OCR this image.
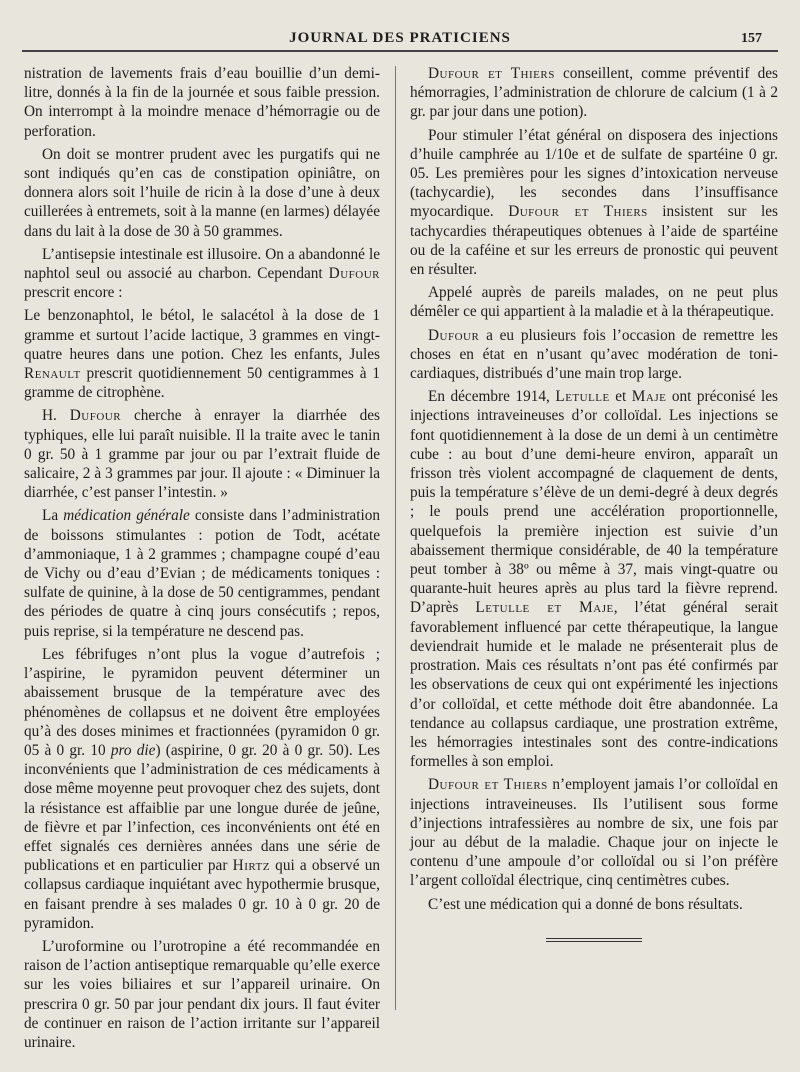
JOURNAL DES PRATICIENS	157

nistration de lavements frais d’eau bouillie d’un demi-litre, donnés à la fin de la journée et sous faible pression. On interrompt à la moindre menace d’hémorragie ou de perforation.

On doit se montrer prudent avec les purgatifs qui ne sont indiqués qu’en cas de constipation opiniâtre, on donnera alors soit l’huile de ricin à la dose d’une à deux cuillerées à entremets, soit à la manne (en larmes) délayée dans du lait à la dose de 30 à 50 grammes.

L’antisepsie intestinale est illusoire. On a abandonné le naphtol seul ou associé au charbon. Cependant Dufour prescrit encore :

Le benzonaphtol, le bétol, le salacétol à la dose de 1 gramme et surtout l’acide lactique, 3 grammes en vingt-quatre heures dans une potion. Chez les enfants, Jules Renault prescrit quotidiennement 50 centigrammes à 1 gramme de citrophène.

H. Dufour cherche à enrayer la diarrhée des typhiques, elle lui paraît nuisible. Il la traite avec le tanin 0 gr. 50 à 1 gramme par jour ou par l’extrait fluide de salicaire, 2 à 3 grammes par jour. Il ajoute : « Diminuer la diarrhée, c’est panser l’intestin. »

La médication générale consiste dans l’administration de boissons stimulantes : potion de Todt, acétate d’ammoniaque, 1 à 2 grammes ; champagne coupé d’eau de Vichy ou d’eau d’Evian ; de médicaments toniques : sulfate de quinine, à la dose de 50 centigrammes, pendant des périodes de quatre à cinq jours consécutifs ; repos, puis reprise, si la température ne descend pas.

Les fébrifuges n’ont plus la vogue d’autrefois ; l’aspirine, le pyramidon peuvent déterminer un abaissement brusque de la température avec des phénomènes de collapsus et ne doivent être employées qu’à des doses minimes et fractionnées (pyramidon 0 gr. 05 à 0 gr. 10 pro die) (aspirine, 0 gr. 20 à 0 gr. 50). Les inconvénients que l’administration de ces médicaments à dose même moyenne peut provoquer chez des sujets, dont la résistance est affaiblie par une longue durée de jeûne, de fièvre et par l’infection, ces inconvénients ont été en effet signalés ces dernières années dans une série de publications et en particulier par Hirtz qui a observé un collapsus cardiaque inquiétant avec hypothermie brusque, en faisant prendre à ses malades 0 gr. 10 à 0 gr. 20 de pyramidon.

L’uroformine ou l’urotropine a été recommandée en raison de l’action antiseptique remarquable qu’elle exerce sur les voies biliaires et sur l’appareil urinaire. On prescrira 0 gr. 50 par jour pendant dix jours. Il faut éviter de continuer en raison de l’action irritante sur l’appareil urinaire.

Dufour et Thiers conseillent, comme préventif des hémorragies, l’administration de chlorure de calcium (1 à 2 gr. par jour dans une potion).

Pour stimuler l’état général on disposera des injections d’huile camphrée au 1/10e et de sulfate de spartéine 0 gr. 05. Les premières pour les signes d’intoxication nerveuse (tachycardie), les secondes dans l’insuffisance myocardique. Dufour et Thiers insistent sur les tachycardies thérapeutiques obtenues à l’aide de spartéine ou de la caféine et sur les erreurs de pronostic qui peuvent en résulter.

Appelé auprès de pareils malades, on ne peut plus démêler ce qui appartient à la maladie et à la thérapeutique.

Dufour a eu plusieurs fois l’occasion de remettre les choses en état en n’usant qu’avec modération de toni-cardiaques, distribués d’une main trop large.

En décembre 1914, Letulle et Maje ont préconisé les injections intraveineuses d’or colloïdal. Les injections se font quotidiennement à la dose de un demi à un centimètre cube : au bout d’une demi-heure environ, apparaît un frisson très violent accompagné de claquement de dents, puis la température s’élève de un demi-degré à deux degrés ; le pouls prend une accélération proportionnelle, quelquefois la première injection est suivie d’un abaissement thermique considérable, de 40 la température peut tomber à 38º ou même à 37, mais vingt-quatre ou quarante-huit heures après au plus tard la fièvre reprend. D’après Letulle et Maje, l’état général serait favorablement influencé par cette thérapeutique, la langue deviendrait humide et le malade ne présenterait plus de prostration. Mais ces résultats n’ont pas été confirmés par les observations de ceux qui ont expérimenté les injections d’or colloïdal, et cette méthode doit être abandonnée. La tendance au collapsus cardiaque, une prostration extrême, les hémorragies intestinales sont des contre-indications formelles à son emploi.

Dufour et Thiers n’employent jamais l’or colloïdal en injections intraveineuses. Ils l’utilisent sous forme d’injections intrafessières au nombre de six, une fois par jour au début de la maladie. Chaque jour on injecte le contenu d’une ampoule d’or colloïdal ou si l’on préfère l’argent colloïdal électrique, cinq centimètres cubes.

C’est une médication qui a donné de bons résultats.
